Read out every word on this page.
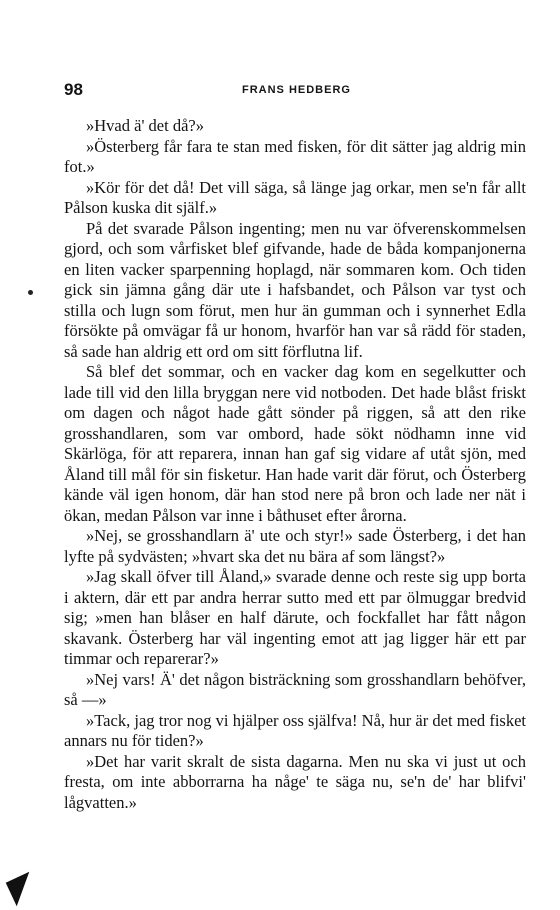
98	FRANS HEDBERG

»Hvad ä' det då?»

»Österberg får fara te stan med fisken, för dit sätter jag aldrig min fot.»

»Kör för det då! Det vill säga, så länge jag orkar, men se'n får allt Pålson kuska dit själf.»

På det svarade Pålson ingenting; men nu var öfverenskommelsen gjord, och som vårfisket blef gifvande, hade de båda kompanjonerna en liten vacker sparpenning hoplagd, när sommaren kom. Och tiden gick sin jämna gång där ute i hafsbandet, och Pålson var tyst och stilla och lugn som förut, men hur än gumman och i synnerhet Edla försökte på omvägar få ur honom, hvarför han var så rädd för staden, så sade han aldrig ett ord om sitt förflutna lif.

Så blef det sommar, och en vacker dag kom en segelkutter och lade till vid den lilla bryggan nere vid notboden. Det hade blåst friskt om dagen och något hade gått sönder på riggen, så att den rike grosshandlaren, som var ombord, hade sökt nödhamn inne vid Skärlöga, för att reparera, innan han gaf sig vidare af utåt sjön, med Åland till mål för sin fisketur. Han hade varit där förut, och Österberg kände väl igen honom, där han stod nere på bron och lade ner nät i ökan, medan Pålson var inne i båthuset efter årorna.

»Nej, se grosshandlarn ä' ute och styr!» sade Österberg, i det han lyfte på sydvästen; »hvart ska det nu bära af som längst?»

»Jag skall öfver till Åland,» svarade denne och reste sig upp borta i aktern, där ett par andra herrar sutto med ett par ölmuggar bredvid sig; »men han blåser en half därute, och fockfallet har fått någon skavank. Österberg har väl ingenting emot att jag ligger här ett par timmar och reparerar?»

»Nej vars! Ä' det någon bisträckning som grosshandlarn behöfver, så —»

»Tack, jag tror nog vi hjälper oss själfva! Nå, hur är det med fisket annars nu för tiden?»

»Det har varit skralt de sista dagarna. Men nu ska vi just ut och fresta, om inte abborrarna ha någe' te säga nu, se'n de' har blifvi' lågvatten.»
